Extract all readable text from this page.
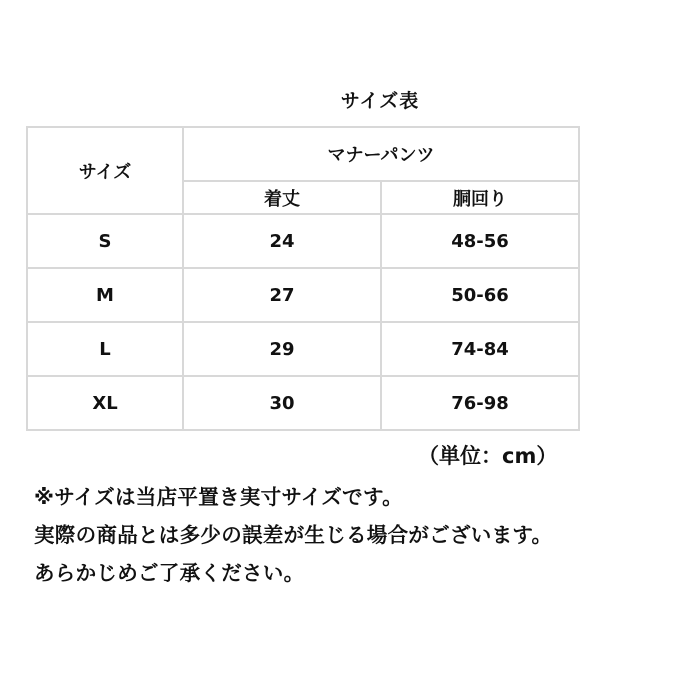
サイズ表
サイズ	マナーパンツ	
	着丈	胴回り
S	24	48-56
M	27	50-66
L	29	74-84
XL	30	76-98
（単位：cm）
※サイズは当店平置き実寸サイズです。
実際の商品とは多少の誤差が生じる場合がございます。
あらかじめご了承ください。
